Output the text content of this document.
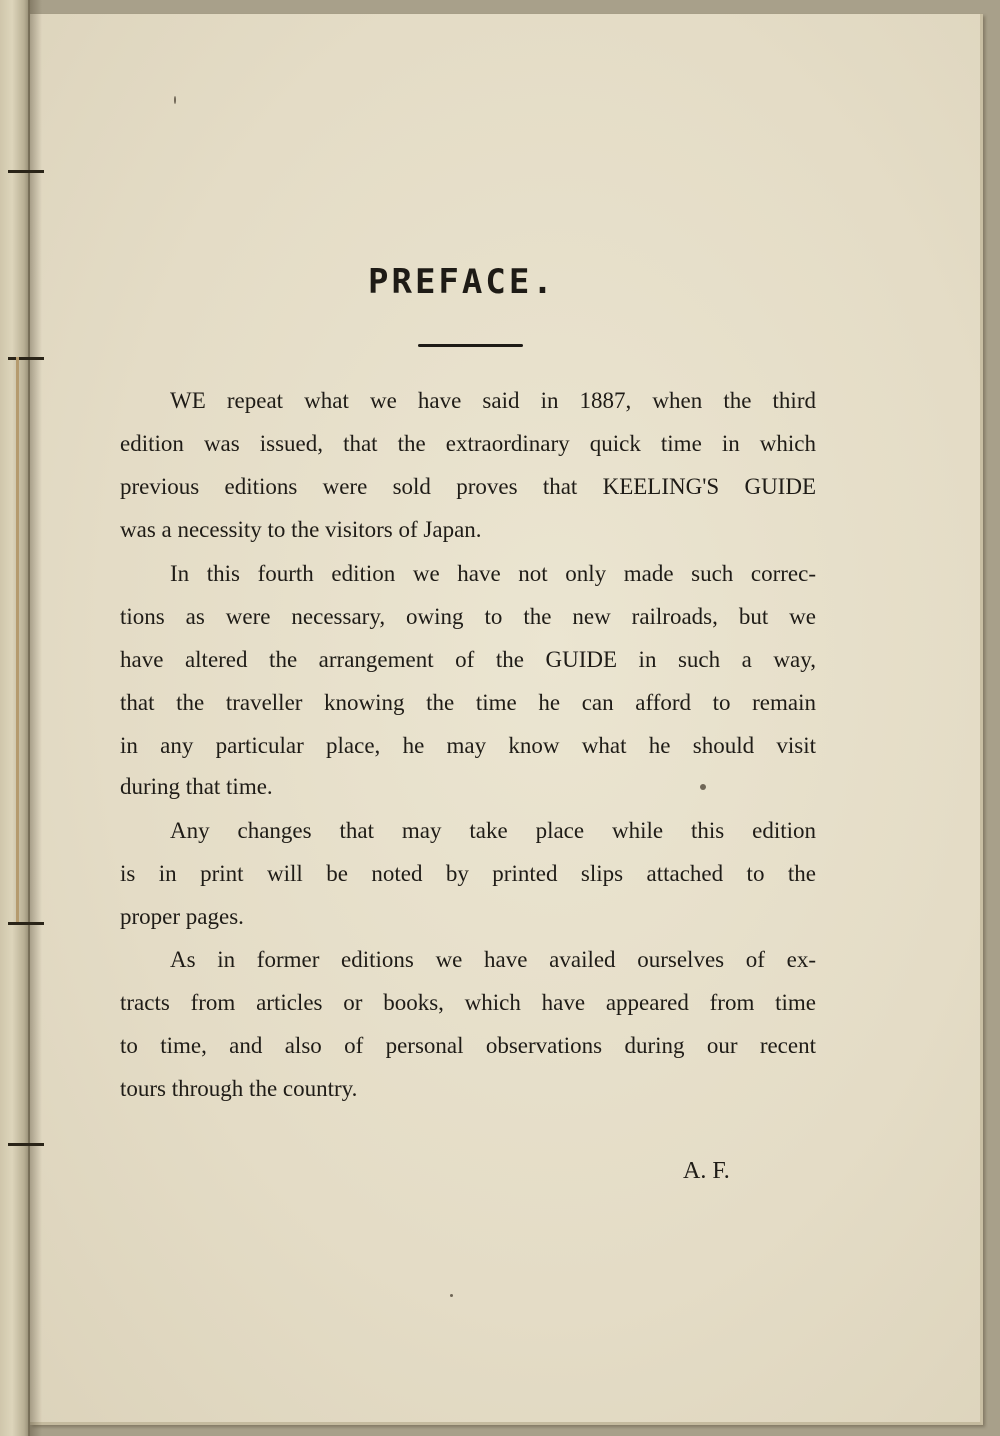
PREFACE.
WE repeat what we have said in 1887, when the third
edition was issued, that the extraordinary quick time in which
previous editions were sold proves that KEELING'S GUIDE
was a necessity to the visitors of Japan.
In this fourth edition we have not only made such correc-
tions as were necessary, owing to the new railroads, but we
have altered the arrangement of the GUIDE in such a way,
that the traveller knowing the time he can afford to remain
in any particular place, he may know what he should visit
during that time.
Any changes that may take place while this edition
is in print will be noted by printed slips attached to the
proper pages.
As in former editions we have availed ourselves of ex-
tracts from articles or books, which have appeared from time
to time, and also of personal observations during our recent
tours through the country.
A. F.
